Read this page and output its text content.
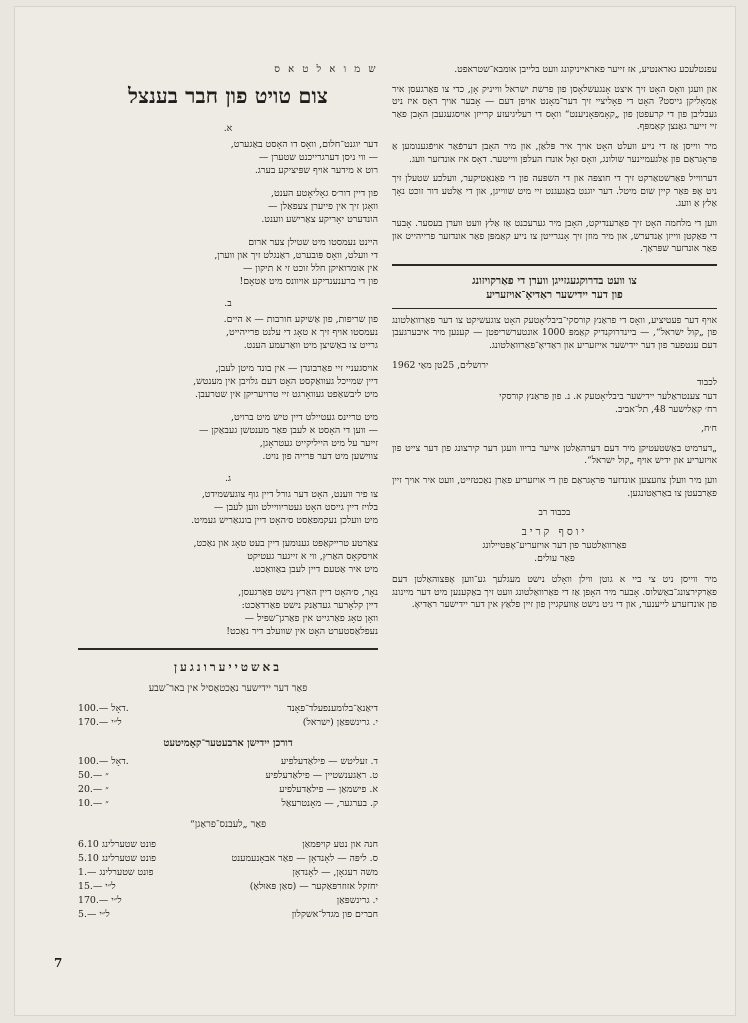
עפנטלעכע גאראנטיע, אז זייער פאראייניקונג וועט בלייבן אומבא־שטראפט.

און וועגן וואָס האָט זיך איצט אָנגעשלאָסן פון פרשת ישראל ווייניק אָן, כדי צו פאַרגעסן איר אַמאָליקן גייסט? האָט די פאָליציי זיך דער־מאָנט אויפן דעם — אָבער אויך דאָס איז ניט געבליבן פון די קרעפטן פון „קאָמפּאָניענט“ וואָס די רעליגיעזע קרייזן אויסגעגעבן האָבן פאַר זיי זייער גאַנצן קאַמפּף.

מיר ווייסן אַז די נייע וועלט האָט אויך איר פּלאַן, און מיר האָבן דערפֿאַר אויפֿגענומען אַ פּראָגראַם פון אַלגעמיינער שולונג, וואָס זאָל אונדז העלפן ווייטער. דאָס איז אונדזער וועג.

דערווייל פאַרשטאַרקט זיך די חוצפּה און די השפּעה פון די פאַנאַטיקער, וועלכע שטעלן זיך ניט אָפּ פאַר קיין שום מיטל. דער יוגנט באַגעגנט זיי מיט שווייגן, און די אַלטע דור זוכט נאָך אַלץ אַ וועג.

ווען די מלחמה האָט זיך פאַרענדיקט, האָבן מיר גערעכנט אַז אַלץ וועט ווערן בעסער. אָבער די פאַקטן ווייזן אַנדערש, און מיר מוזן זיך אָנגרייטן צו נייע קאַמפּן פאַר אונדזער פרייהייט און פאַר אונדזער שפּראַך.

צו וועט בדרוקגעגזייגן ווערן די פאַרקויזונג

פון דער יידישער ראַדיאָ־אויזעריע

אויף דער פעטיציע, וואָס די פראַנץ קורסקי־ביבליאָטעק האָט צוגעשיקט צו דער פאַרוואַלטונג פון „קול ישראל“, — ביינדרוקנדיק קאַמפּ 1000 אונטערשריפטן — קענען מיר איבערגעבן דעם ענטפער פון דער יידישער אייזעריע און ראַדיאָ־פאַרוואַלטונג.

ירושלים, 25טן מאַי 1962

לכבוד

דער צענטראַלער יידישער ביבליאָטעק א. נ. פון פראַנץ קורסקי

רח׳ קאַלישער 48, תל־אביב.

ח׳ח,

„דערמיט באַשטעטיקן מיר דעם דערהאַלטן אייער בריוו וועגן דער קירצונג פון דער צייט פון אויזעריע און ידיש אויף „קול ישראל“.

ווען מיר וועלן צוזעצען אונדזער פּראָגראַם פון די אויזעריע פאַרן נאַכטזייט, וועט איר אויך זיין פאַרבעטן צו באַראַטונגען.

בכבוד רב
יוסף קריב
פאַרוואַלטער פון דער אויזעריע־אָפּטיילונג
פאַר עולים.

מיר ווייסן ניט צי ביי א גוטן ווילן וואָלט נישט מעגלעך גע־ווען אָפּצוהאַלטן דעם פאַרקירצונג־באַשלוס. אָבער מיר האָפן אַז די פאַרוואַלטונג וועט זיך באַקענען מיט דער מיינונג פון אונדזערע לייענער, און די גיט נישט אַוועקגיין פון זיין פלאַץ אין דער יידישער ראַדיאָ.

ש מ ו א ל ט א ס
צום טויט פון חבר בענצל
א.

דער יוגנט־חלום, וואָס דו האָסט באַגערט,

— ווי ניסן דערגרייכנט שטערן —

רוט א מידער אויף שפּיציקע בערג.

פון דיין דור׳ס גאָליאָטע הענט,

וואָגן זיך אין פייערן צעפאַלן —

הונדערט יאָריקע צאַרישע ווענט.

היינט נעמסטו מיט שטילן צער ארום

די וועלט, וואָס פּובערט, ראַנגלט זיך און ווערן,

אין אומרואיקן חלל זוכט זי א תיקון —

פון די ברענענדיקע אויוונס מיט אַטאָם!

ב.

פון שריפות, פון אַשיקע חורבות — א היים.

נעמסטו אויף זיך א טאָג די עלנט פרייהייט,

גרייט צו באַשיצן מיט וואַרעמע הענט.

אויסגעניי זיי פאַרבונדן — אין בונד מיטן לעבן,

דיין שמייכל געוואַקסט האָט דעם גלויבן אין מענטש,

מיט ליבשאַפט געוואָרגט זיי טרויעריקן אין שטרעבן.

מיט טריינס געטיילט דיין טיש מיט ברויט,

— ווען די האָסט א לעבן פאַר מענטשן געבאַקן —

זייער על מיט הייליקייט געטראָגן,

צווישען מיט דער פּרייה פון נויט.

ג.

צו פיר ווענט, האָט דער גורל דיין גוף צוגעשמידט,

בלויז דיין גייסט האָט געטריוויילט ווען לעבן —

מיט וועלכן נעקמפאַסט ס׳האָט דיין בונגאַריש געמיט.

צאַרטע טרייקאַפּט גענומען דיין בעט טאָג און נאַכט,

אויסקאָס האַרץ, ווי א זייגער געטיקט

מיט איר אַטעם דיין לעבן באַוואַכט.

נאָר, ס׳האָט דיין האַרץ נישט פאַרגעסן,

דיין קלאָרער געדאַנק נישט פאַרדאַכט:

וואָן טאָג פאַרגייט אין פאַרגן־שפּיל —

נעפלאַסטערט האָט אין שוועלב דיר נאַכט!

באשטייערונגען
פאַר דער יידישער נאַכטאַסיל אין באר־שבע
דיאַנאַ־בלומענפעלד־פאָנד
100.— דאָל.
י. גרינשפּאַן (ישראל)
170.— ל״י
דורכן יידישן ארבעטער־קאָמיטעט
ד. זעליטש — פילאַדעלפיע
100.— דאָל.
ט. ראַגענשטיין — פילאַדעלפיע
50.— ״
א. פישמאַן — פילאַדעלפיע
20.— ״
ק. בערגער, — מאָנטרעאַל
10.— ״
פאַר „לעבנס־פראַגן“
חנה און נטע קויפּמאַן
6.10 פונט שטערלינג
ס. ליפּה — לאָנדאָן — פאַר אבאָנעמענט
5.10 פונט שטערלינג
משה רעגאָן, — לאָנדאָן
1.— פונט שטערלינג
יחזקל אזוזרפּאַקער — (סאַן פּאוּלאָ)
15.— ל״י
י. גרינשפּאַן
170.— ל״י
חברים פון מגדל־אשקלון
5.— ל״י
7
